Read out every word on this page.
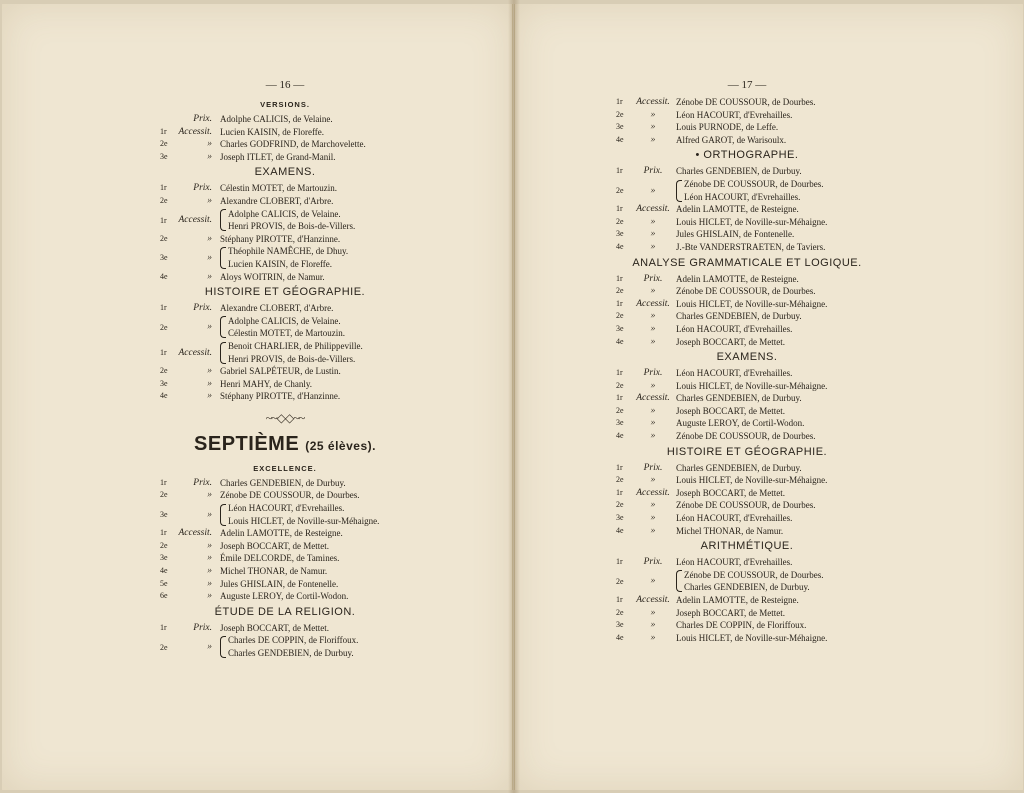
— 16 —
VERSIONS.
Prix. Adolphe CALICIS, de Velaine.
1r	Accessit. Lucien KAISIN, de Floreffe.
2e	» Charles GODFRIND, de Marchovelette.
3e	» Joseph ITLET, de Grand-Manil.
EXAMENS.
1r	Prix. Célestin MOTET, de Martouzin.
2e	» Alexandre CLOBERT, d'Arbre.
1r	Accessit.
Adolphe CALICIS, de Velaine.
Henri PROVIS, de Bois-de-Villers.
2e	» Stéphany PIROTTE, d'Hanzinne.
3e	»
Théophile NAMÊCHE, de Dhuy.
Lucien KAISIN, de Floreffe.
4e	» Aloys WOITRIN, de Namur.
HISTOIRE ET GÉOGRAPHIE.
1r	Prix. Alexandre CLOBERT, d'Arbre.
2e	»
Adolphe CALICIS, de Velaine.
Célestin MOTET, de Martouzin.
1r	Accessit.
Benoit CHARLIER, de Philippeville.
Henri PROVIS, de Bois-de-Villers.
2e	» Gabriel SALPÉTEUR, de Lustin.
3e	» Henri MAHY, de Chanly.
4e	» Stéphany PIROTTE, d'Hanzinne.
~~◇◇~~
SEPTIÈME (25 élèves).
EXCELLENCE.
1r	Prix. Charles GENDEBIEN, de Durbuy.
2e	» Zénobe DE COUSSOUR, de Dourbes.
3e	»
Léon HACOURT, d'Evrehailles.
Louis HICLET, de Noville-sur-Méhaigne.
1r	Accessit. Adelin LAMOTTE, de Resteigne.
2e	» Joseph BOCCART, de Mettet.
3e	» Émile DELCORDE, de Tamines.
4e	» Michel THONAR, de Namur.
5e	» Jules GHISLAIN, de Fontenelle.
6e	» Auguste LEROY, de Cortil-Wodon.
ÉTUDE DE LA RELIGION.
1r	Prix. Joseph BOCCART, de Mettet.
2e	»
Charles DE COPPIN, de Floriffoux.
Charles GENDEBIEN, de Durbuy.
— 17 —
1r	Accessit. Zénobe DE COUSSOUR, de Dourbes.
2e	»	Léon HACOURT, d'Evrehailles.
3e	»	Louis PURNODE, de Leffe.
4e	»	Alfred GAROT, de Warisoulx.
• ORTHOGRAPHE.
1r	Prix.	Charles GENDEBIEN, de Durbuy.
2e	»
Zénobe DE COUSSOUR, de Dourbes.
Léon HACOURT, d'Evrehailles.
1r	Accessit. Adelin LAMOTTE, de Resteigne.
2e	»	Louis HICLET, de Noville-sur-Méhaigne.
3e	»	Jules GHISLAIN, de Fontenelle.
4e	»	J.-Bte VANDERSTRAETEN, de Taviers.
ANALYSE GRAMMATICALE ET LOGIQUE.
1r	Prix.	Adelin LAMOTTE, de Resteigne.
2e	»	Zénobe DE COUSSOUR, de Dourbes.
1r	Accessit. Louis HICLET, de Noville-sur-Méhaigne.
2e	»	Charles GENDEBIEN, de Durbuy.
3e	»	Léon HACOURT, d'Evrehailles.
4e	»	Joseph BOCCART, de Mettet.
EXAMENS.
1r	Prix.	Léon HACOURT, d'Evrehailles.
2e	»	Louis HICLET, de Noville-sur-Méhaigne.
1r	Accessit. Charles GENDEBIEN, de Durbuy.
2e	»	Joseph BOCCART, de Mettet.
3e	»	Auguste LEROY, de Cortil-Wodon.
4e	»	Zénobe DE COUSSOUR, de Dourbes.
HISTOIRE ET GÉOGRAPHIE.
1r	Prix.	Charles GENDEBIEN, de Durbuy.
2e	»	Louis HICLET, de Noville-sur-Méhaigne.
1r	Accessit. Joseph BOCCART, de Mettet.
2e	»	Zénobe DE COUSSOUR, de Dourbes.
3e	»	Léon HACOURT, d'Evrehailles.
4e	»	Michel THONAR, de Namur.
ARITHMÉTIQUE.
1r	Prix.	Léon HACOURT, d'Evrehailles.
2e	»
Zénobe DE COUSSOUR, de Dourbes.
Charles GENDEBIEN, de Durbuy.
1r	Accessit. Adelin LAMOTTE, de Resteigne.
2e	»	Joseph BOCCART, de Mettet.
3e	»	Charles DE COPPIN, de Floriffoux.
4e	»	Louis HICLET, de Noville-sur-Méhaigne.
